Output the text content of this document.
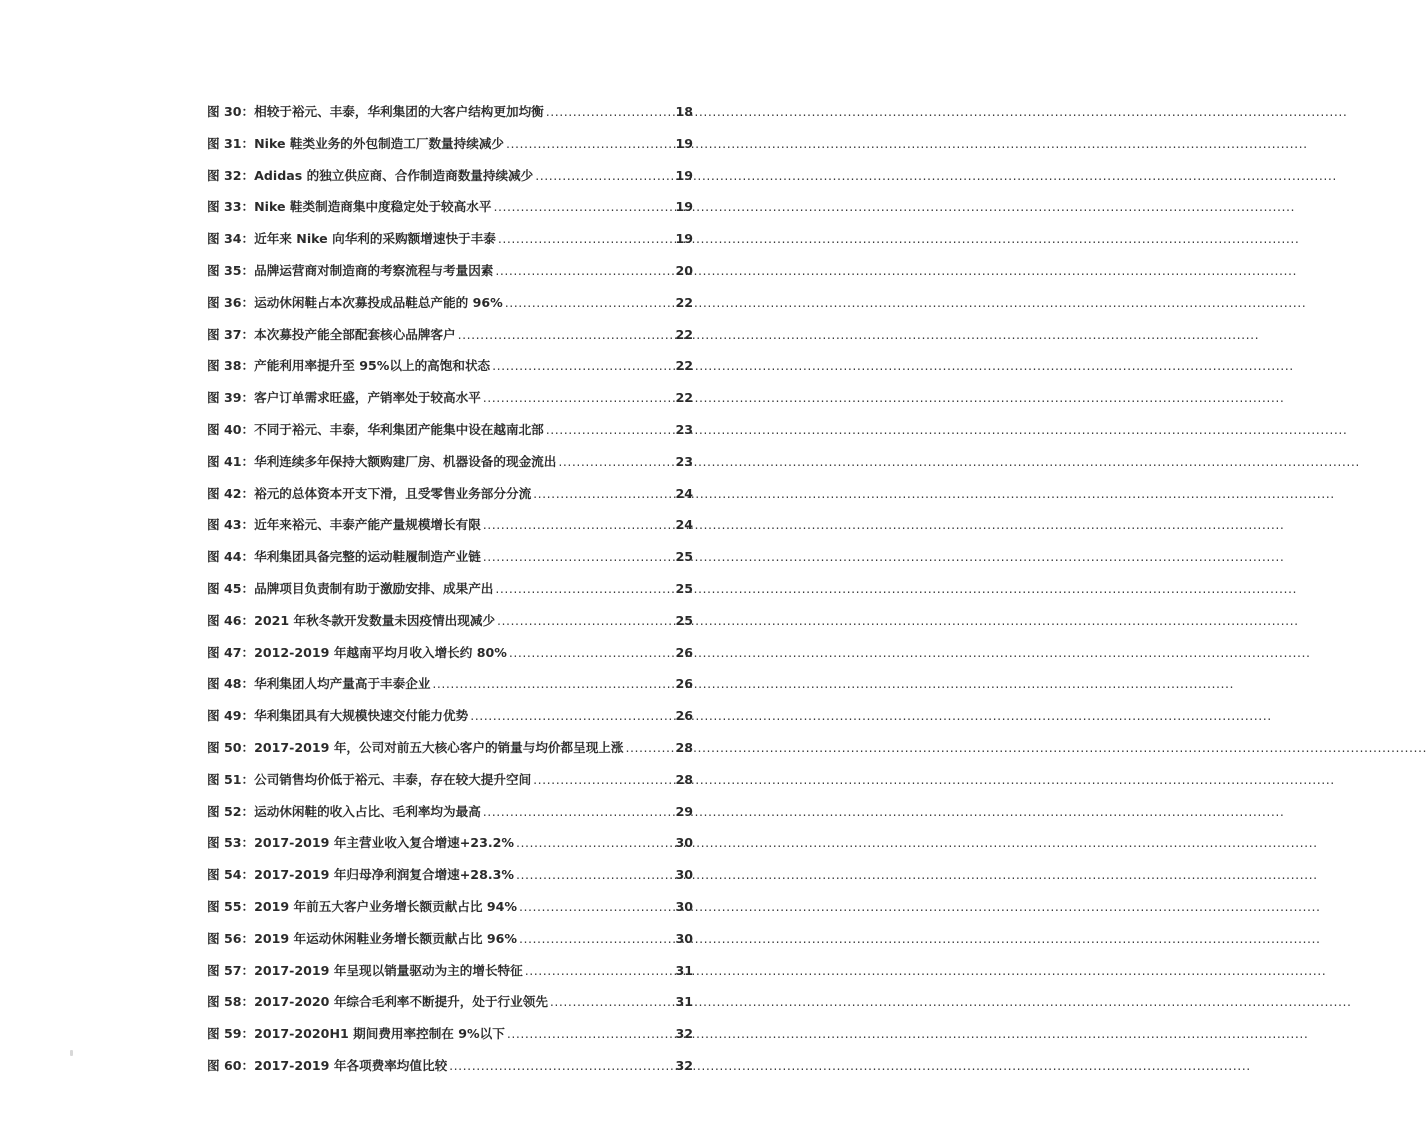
图 30： 相较于裕元、丰泰，华利集团的大客户结构更加均衡 .....	18
图 31： Nike 鞋类业务的外包制造工厂数量持续减少 .....	19
图 32： Adidas 的独立供应商、合作制造商数量持续减少 .....	19
图 33： Nike 鞋类制造商集中度稳定处于较高水平 .....	19
图 34： 近年来 Nike 向华利的采购额增速快于丰泰 .....	19
图 35： 品牌运营商对制造商的考察流程与考量因素 .....	20
图 36： 运动休闲鞋占本次募投成品鞋总产能的 96% .....	22
图 37： 本次募投产能全部配套核心品牌客户 .....	22
图 38： 产能利用率提升至 95%以上的高饱和状态 .....	22
图 39： 客户订单需求旺盛，产销率处于较高水平 .....	22
图 40： 不同于裕元、丰泰，华利集团产能集中设在越南北部 .....	23
图 41： 华利连续多年保持大额购建厂房、机器设备的现金流出 .....	23
图 42： 裕元的总体资本开支下滑，且受零售业务部分分流 .....	24
图 43： 近年来裕元、丰泰产能产量规模增长有限 .....	24
图 44： 华利集团具备完整的运动鞋履制造产业链 .....	25
图 45： 品牌项目负责制有助于激励安排、成果产出 .....	25
图 46： 2021 年秋冬款开发数量未因疫情出现减少 .....	25
图 47： 2012-2019 年越南平均月收入增长约 80% .....	26
图 48： 华利集团人均产量高于丰泰企业 .....	26
图 49： 华利集团具有大规模快速交付能力优势 .....	26
图 50： 2017-2019 年，公司对前五大核心客户的销量与均价都呈现上涨 .....	28
图 51： 公司销售均价低于裕元、丰泰，存在较大提升空间 .....	28
图 52： 运动休闲鞋的收入占比、毛利率均为最高 .....	29
图 53： 2017-2019 年主营业收入复合增速+23.2% .....	30
图 54： 2017-2019 年归母净利润复合增速+28.3% .....	30
图 55： 2019 年前五大客户业务增长额贡献占比 94% .....	30
图 56： 2019 年运动休闲鞋业务增长额贡献占比 96% .....	30
图 57： 2017-2019 年呈现以销量驱动为主的增长特征 .....	31
图 58： 2017-2020 年综合毛利率不断提升，处于行业领先 .....	31
图 59： 2017-2020H1 期间费用率控制在 9%以下 .....	32
图 60： 2017-2019 年各项费率均值比较 .....	32
